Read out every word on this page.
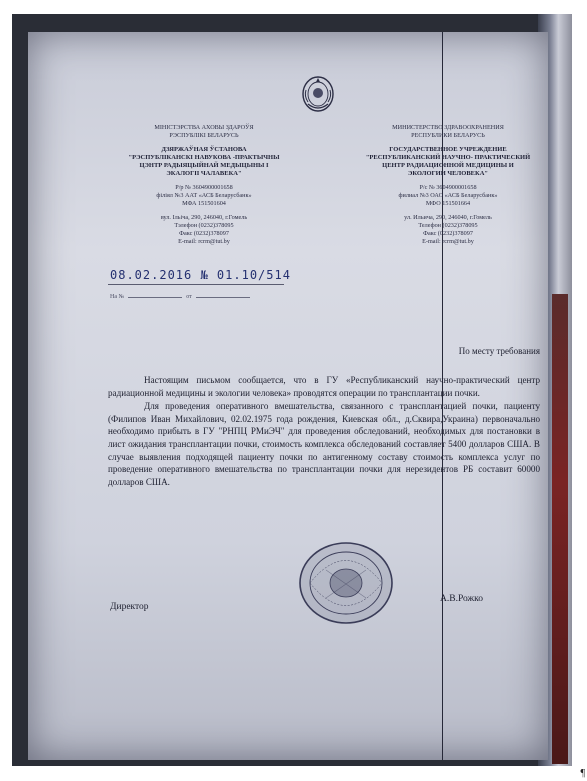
МІНІСТЭРСТВА АХОВЫ ЗДАРОЎЯ
РЭСПУБЛІКІ БЕЛАРУСЬ
ДЗЯРЖАЎНАЯ ЎСТАНОВА
"РЭСПУБЛІКАНСКІ НАВУКОВА -ПРАКТЫЧНЫ
ЦЭНТР РАДЫЯЦЫЙНАЙ МЕДЫЦЫНЫ І
ЭКАЛОГІІ ЧАЛАВЕКА"
Р/р № 3604900001658
філіял №3 ААТ «АСБ Беларусбанк»
МФА 151501604
вул. Ільіча, 290, 246040, г.Гомель
Тэлефон (0232)378095
Факс (0232)378097
E-mail: rcrm@tut.by
МИНИСТЕРСТВО ЗДРАВООХРАНЕНИЯ
РЕСПУБЛИКИ БЕЛАРУСЬ
ГОСУДАРСТВЕННОЕ УЧРЕЖДЕНИЕ
"РЕСПУБЛИКАНСКИЙ НАУЧНО- ПРАКТИЧЕСКИЙ
ЦЕНТР РАДИАЦИОННОЙ МЕДИЦИНЫ И
ЭКОЛОГИИ ЧЕЛОВЕКА"
Р/с № 3604900001658
филиал №3 ОАО «АСБ Беларусбанк»
МФО 151501664
ул. Ильича, 290, 246040, г.Гомель
Телефон (0232)378095
Факс (0232)378097
E-mail: rcrm@tut.by
08.02.2016 № 01.10/514
На №	от
По месту требования

Настоящим письмом сообщается, что в ГУ «Республиканский научно-практический центр радиационной медицины и экологии человека» проводятся операции по трансплантации почки.

Для проведения оперативного вмешательства, связанного с трансплантацией почки, пациенту (Филипов Иван Михайлович, 02.02.1975 года рождения, Киевская обл., д.Сквира,Украина) первоначально необходимо прибыть в ГУ "РНПЦ РМиЭЧ" для проведения обследований, необходимых для постановки в лист ожидания трансплантации почки, стоимость комплекса обследований составляет 5400 долларов США. В случае выявления подходящей пациенту почки по антигенному составу стоимость комплекса услуг по проведение оперативного вмешательства по трансплантации почки для нерезидентов РБ составит 60000 долларов США.

Директор
А.В.Рожко
¶
